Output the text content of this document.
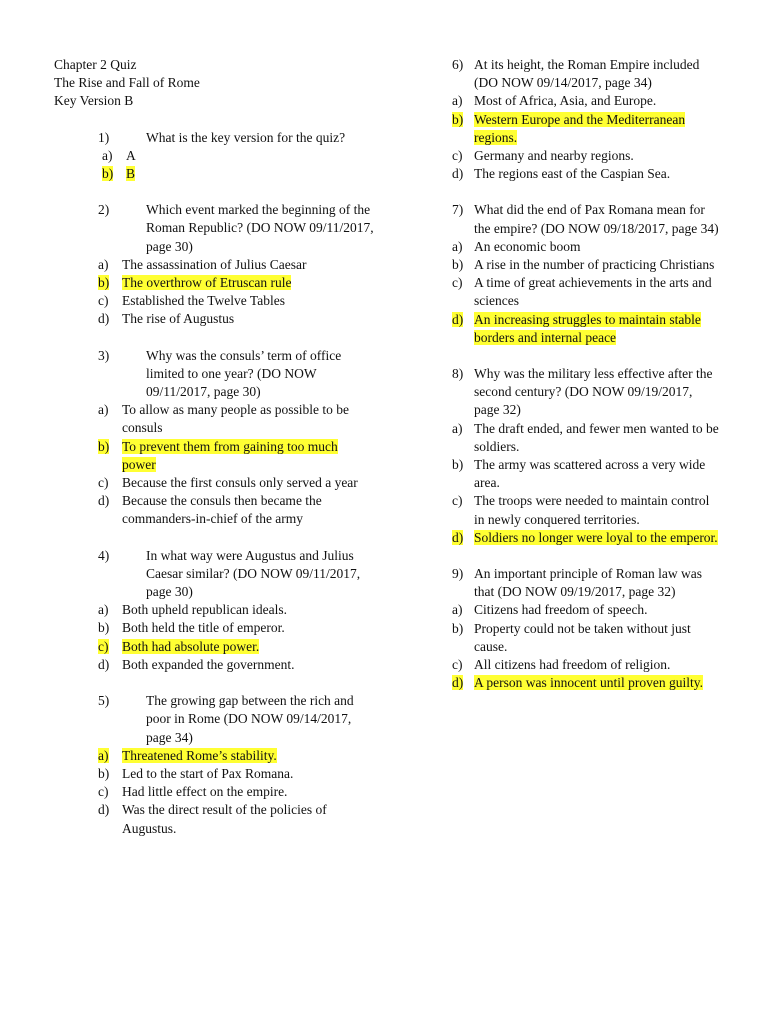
Chapter 2 Quiz
The Rise and Fall of Rome
Key Version B
1)	What is the key version for the quiz?
a)	A
b) B
2)	Which event marked the beginning of the Roman Republic? (DO NOW 09/11/2017, page 30)
a)	The assassination of Julius Caesar
b) The overthrow of Etruscan rule
c)	Established the Twelve Tables
d) The rise of Augustus
3)	Why was the consuls’ term of office limited to one year? (DO NOW 09/11/2017, page 30)
a)	To allow as many people as possible to be consuls
b) To prevent them from gaining too much power
c)	Because the first consuls only served a year
d) Because the consuls then became the commanders-in-chief of the army
4)	In what way were Augustus and Julius Caesar similar? (DO NOW 09/11/2017, page 30)
a)	Both upheld republican ideals.
b) Both held the title of emperor.
c)	Both had absolute power.
d) Both expanded the government.
5)	The growing gap between the rich and poor in Rome (DO NOW 09/14/2017, page 34)
a)	Threatened Rome’s stability.
b) Led to the start of Pax Romana.
c)	Had little effect on the empire.
d) Was the direct result of the policies of Augustus.
6) At its height, the Roman Empire included (DO NOW 09/14/2017, page 34)
a) Most of Africa, Asia, and Europe.
b) Western Europe and the Mediterranean regions.
c) Germany and nearby regions.
d) The regions east of the Caspian Sea.
7) What did the end of Pax Romana mean for the empire? (DO NOW 09/18/2017, page 34)
a) An economic boom
b) A rise in the number of practicing Christians
c) A time of great achievements in the arts and sciences
d) An increasing struggles to maintain stable borders and internal peace
8) Why was the military less effective after the second century? (DO NOW 09/19/2017, page 32)
a) The draft ended, and fewer men wanted to be soldiers.
b) The army was scattered across a very wide area.
c) The troops were needed to maintain control in newly conquered territories.
d) Soldiers no longer were loyal to the emperor.
9) An important principle of Roman law was that (DO NOW 09/19/2017, page 32)
a) Citizens had freedom of speech.
b) Property could not be taken without just cause.
c) All citizens had freedom of religion.
d) A person was innocent until proven guilty.
